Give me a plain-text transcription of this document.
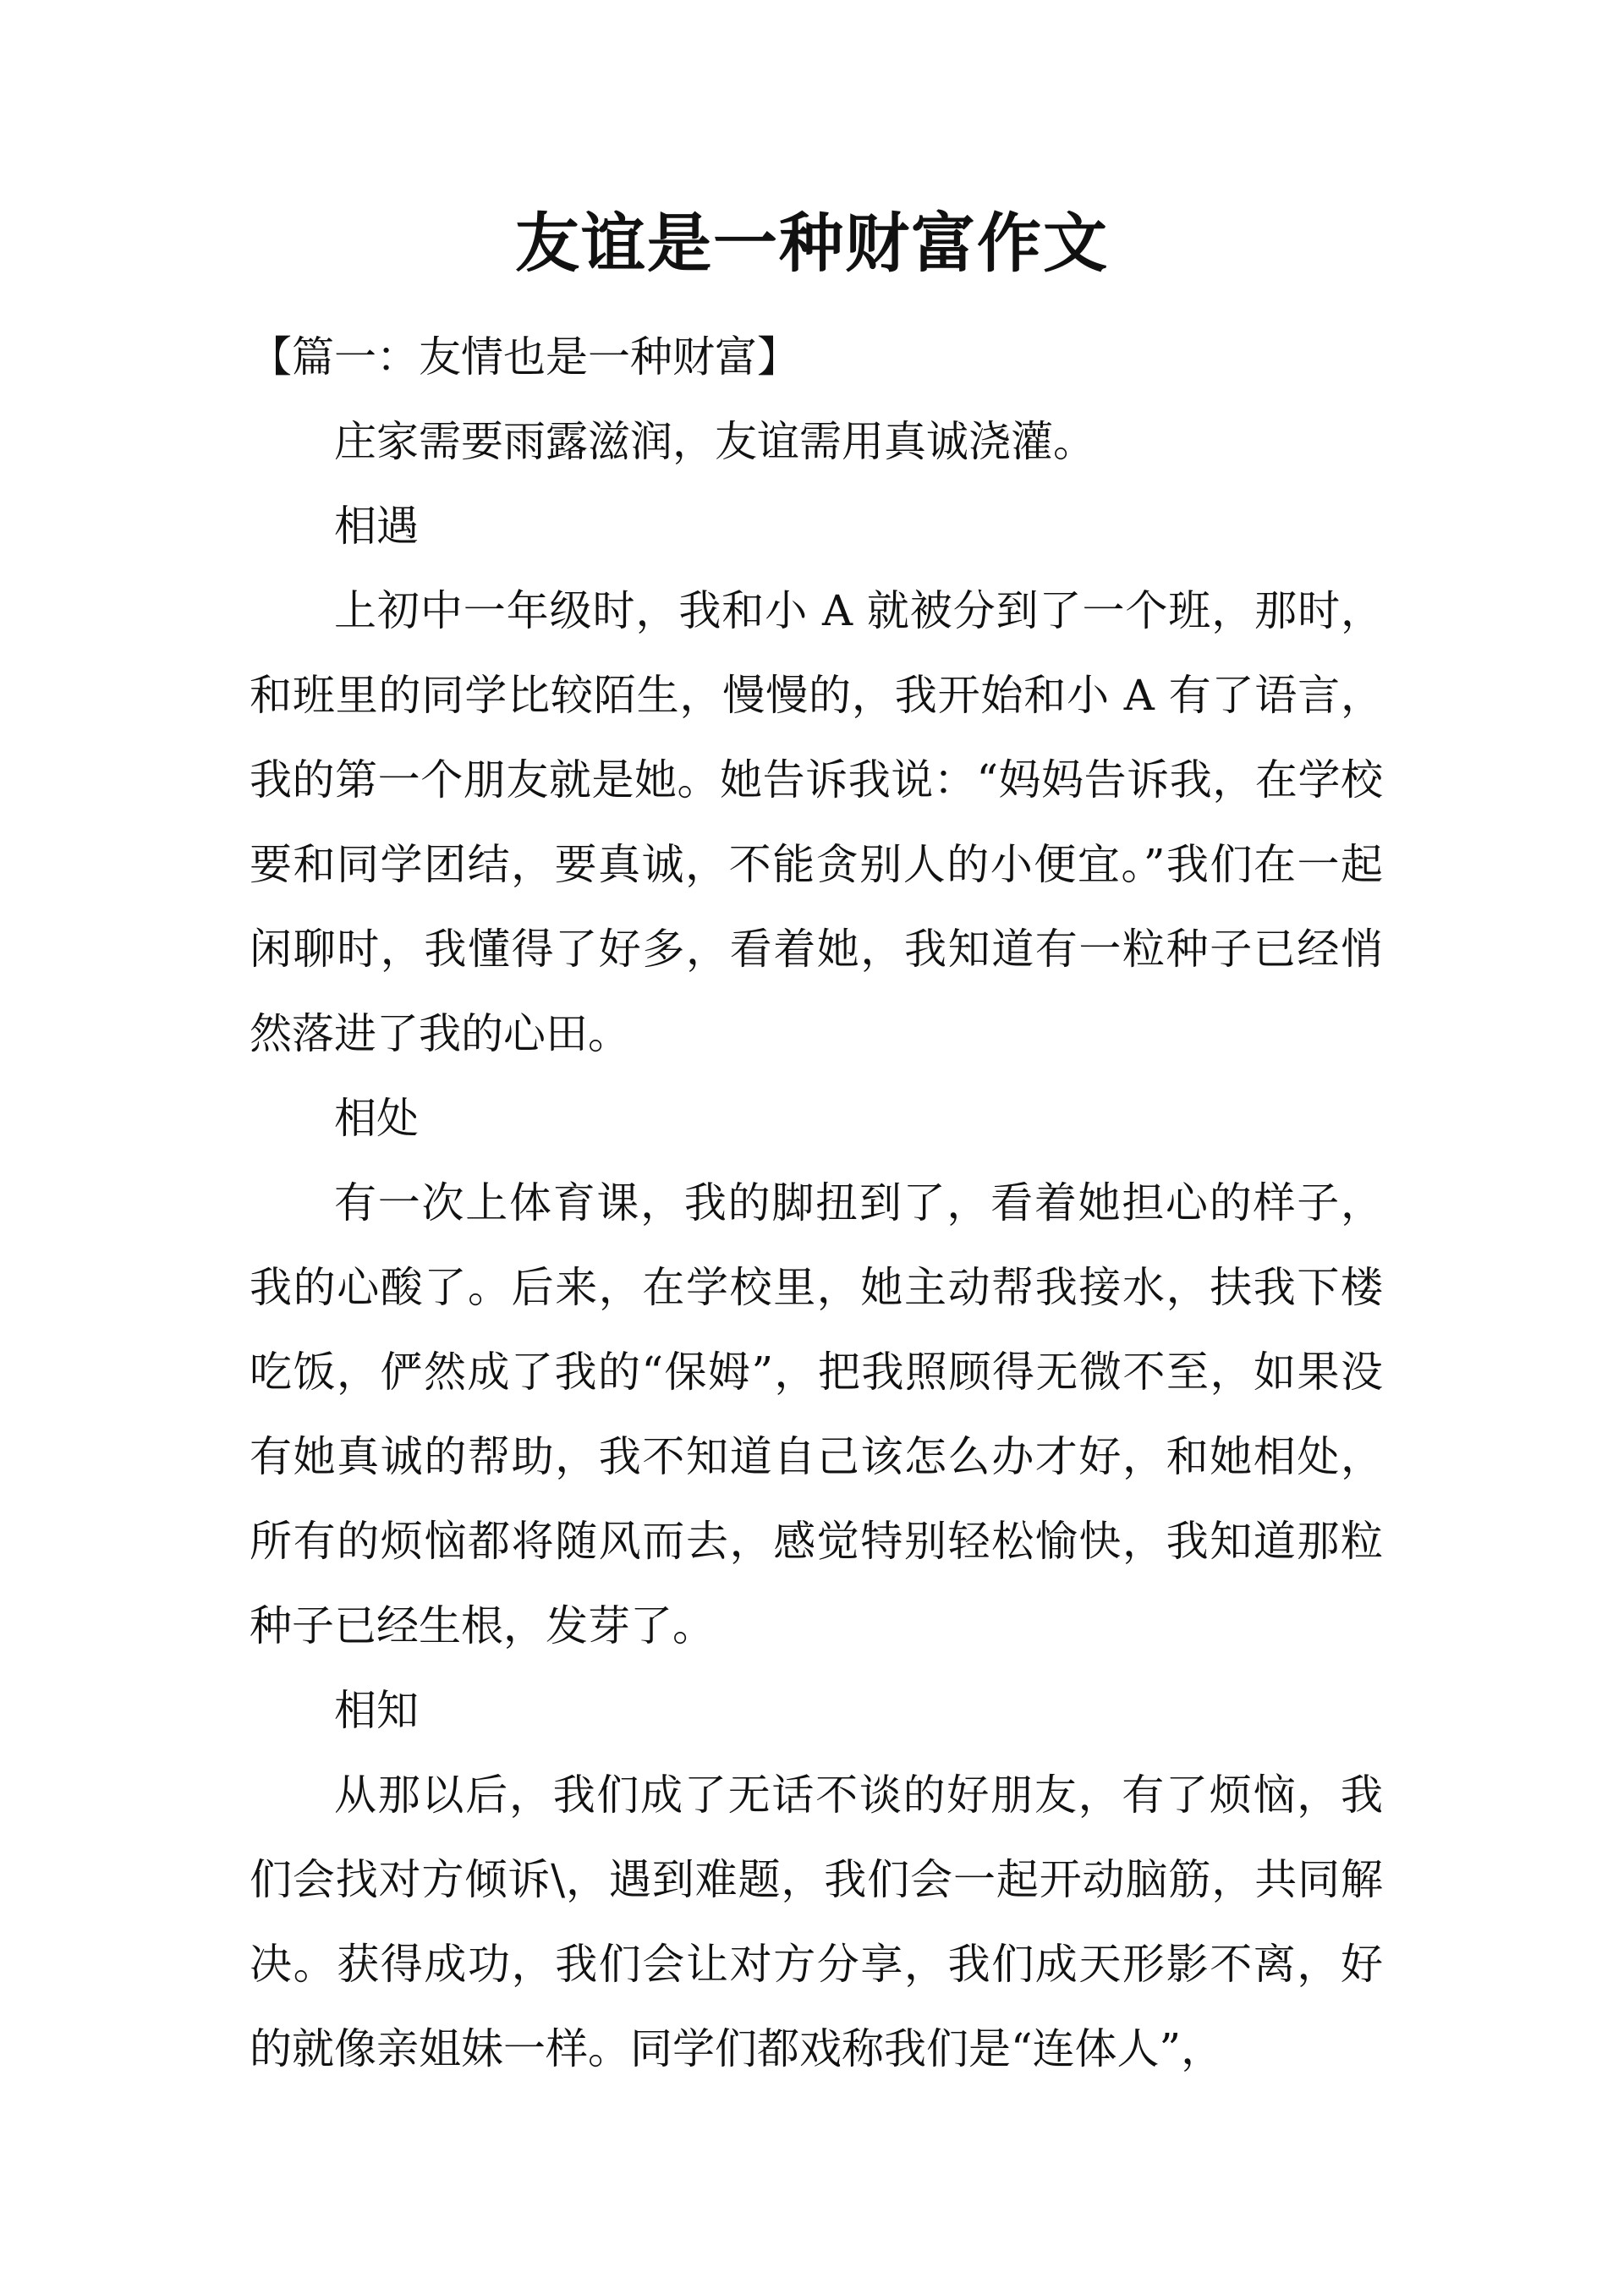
友谊是一种财富作文

【篇一：友情也是一种财富】

庄家需要雨露滋润，友谊需用真诚浇灌。

相遇

上初中一年级时，我和小 A 就被分到了一个班，那时，和班里的同学比较陌生，慢慢的，我开始和小 A 有了语言，我的第一个朋友就是她。她告诉我说：“妈妈告诉我，在学校要和同学团结，要真诚，不能贪别人的小便宜。”我们在一起闲聊时，我懂得了好多，看着她，我知道有一粒种子已经悄然落进了我的心田。

相处

有一次上体育课，我的脚扭到了，看着她担心的样子，我的心酸了。后来，在学校里，她主动帮我接水，扶我下楼吃饭，俨然成了我的“保姆”，把我照顾得无微不至，如果没有她真诚的帮助，我不知道自己该怎么办才好，和她相处，所有的烦恼都将随风而去，感觉特别轻松愉快，我知道那粒种子已经生根，发芽了。

相知

从那以后，我们成了无话不谈的好朋友，有了烦恼，我们会找对方倾诉\，遇到难题，我们会一起开动脑筋，共同解决。获得成功，我们会让对方分享，我们成天形影不离，好的就像亲姐妹一样。同学们都戏称我们是“连体人”，
